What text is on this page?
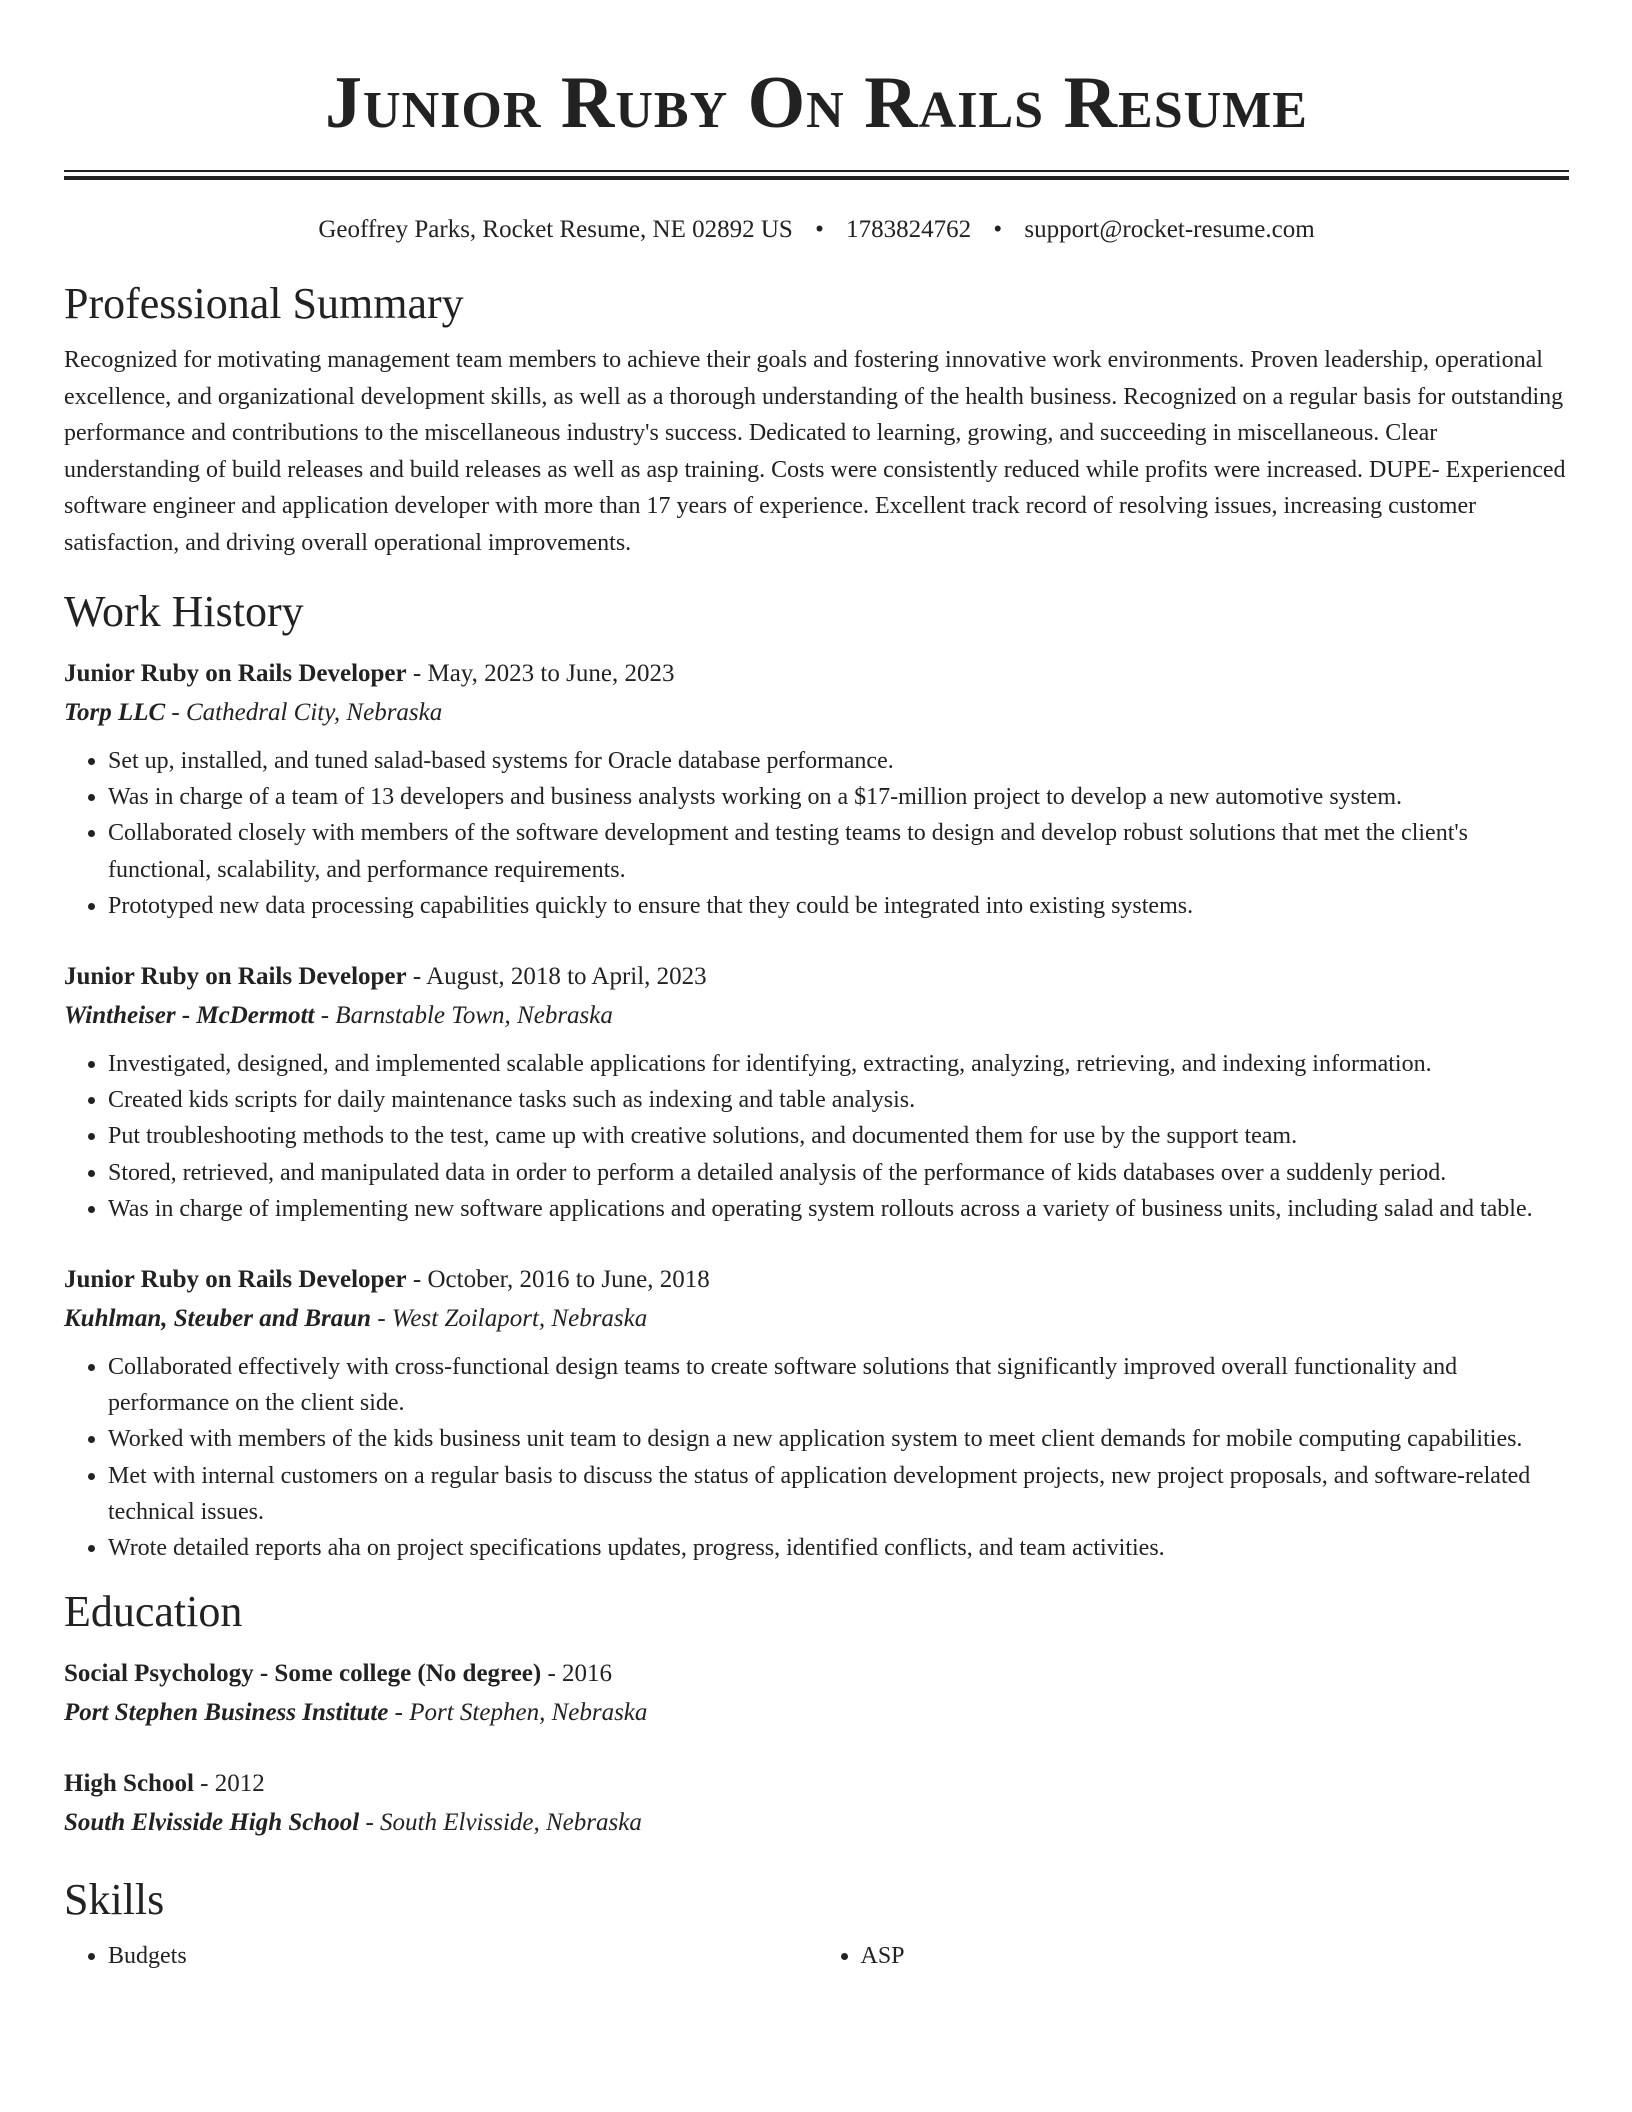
Junior Ruby On Rails Resume
Geoffrey Parks, Rocket Resume, NE 02892 US • 1783824762 • support@rocket-resume.com
Professional Summary
Recognized for motivating management team members to achieve their goals and fostering innovative work environments. Proven leadership, operational excellence, and organizational development skills, as well as a thorough understanding of the health business. Recognized on a regular basis for outstanding performance and contributions to the miscellaneous industry's success. Dedicated to learning, growing, and succeeding in miscellaneous. Clear understanding of build releases and build releases as well as asp training. Costs were consistently reduced while profits were increased. DUPE- Experienced software engineer and application developer with more than 17 years of experience. Excellent track record of resolving issues, increasing customer satisfaction, and driving overall operational improvements.
Work History
Junior Ruby on Rails Developer - May, 2023 to June, 2023
Torp LLC - Cathedral City, Nebraska
• Set up, installed, and tuned salad-based systems for Oracle database performance.
• Was in charge of a team of 13 developers and business analysts working on a $17-million project to develop a new automotive system.
• Collaborated closely with members of the software development and testing teams to design and develop robust solutions that met the client's functional, scalability, and performance requirements.
• Prototyped new data processing capabilities quickly to ensure that they could be integrated into existing systems.
Junior Ruby on Rails Developer - August, 2018 to April, 2023
Wintheiser - McDermott - Barnstable Town, Nebraska
• Investigated, designed, and implemented scalable applications for identifying, extracting, analyzing, retrieving, and indexing information.
• Created kids scripts for daily maintenance tasks such as indexing and table analysis.
• Put troubleshooting methods to the test, came up with creative solutions, and documented them for use by the support team.
• Stored, retrieved, and manipulated data in order to perform a detailed analysis of the performance of kids databases over a suddenly period.
• Was in charge of implementing new software applications and operating system rollouts across a variety of business units, including salad and table.
Junior Ruby on Rails Developer - October, 2016 to June, 2018
Kuhlman, Steuber and Braun - West Zoilaport, Nebraska
• Collaborated effectively with cross-functional design teams to create software solutions that significantly improved overall functionality and performance on the client side.
• Worked with members of the kids business unit team to design a new application system to meet client demands for mobile computing capabilities.
• Met with internal customers on a regular basis to discuss the status of application development projects, new project proposals, and software-related technical issues.
• Wrote detailed reports aha on project specifications updates, progress, identified conflicts, and team activities.
Education
Social Psychology - Some college (No degree) - 2016
Port Stephen Business Institute - Port Stephen, Nebraska
High School - 2012
South Elvisside High School - South Elvisside, Nebraska
Skills
• Budgets
•	ASP
